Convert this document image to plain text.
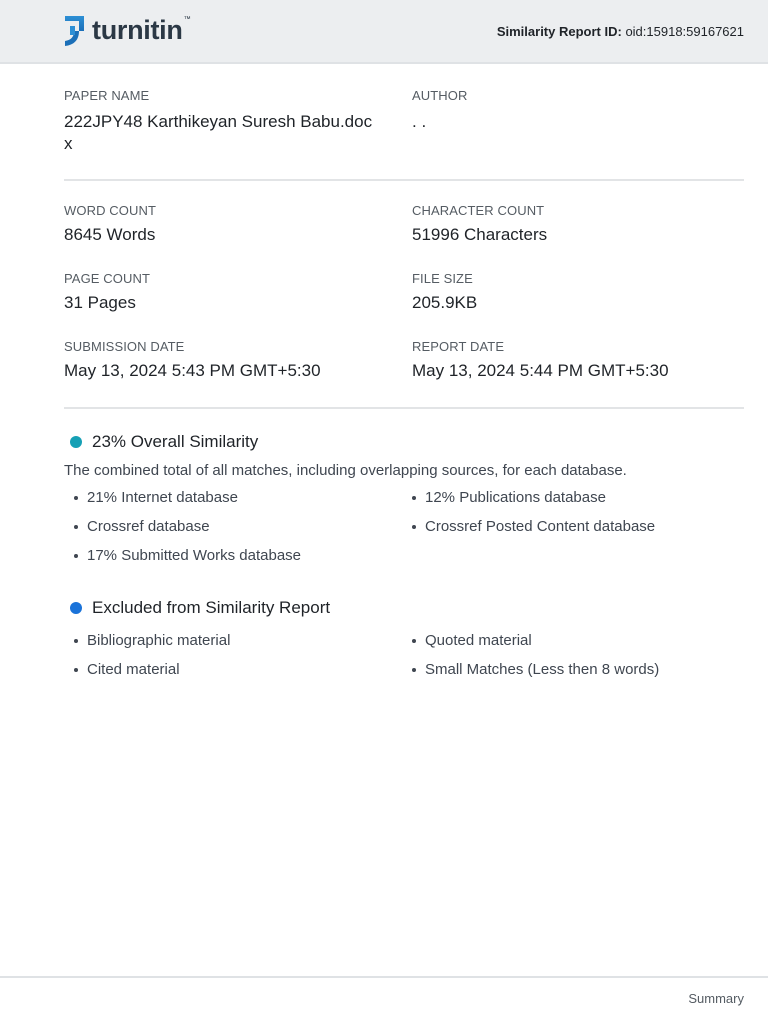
turnitin ™
Similarity Report ID: oid:15918:59167621
PAPER NAME
222JPY48 Karthikeyan Suresh Babu.doc
x
AUTHOR
. .
WORD COUNT
8645 Words
CHARACTER COUNT
51996 Characters
PAGE COUNT
31 Pages
FILE SIZE
205.9KB
SUBMISSION DATE
May 13, 2024 5:43 PM GMT+5:30
REPORT DATE
May 13, 2024 5:44 PM GMT+5:30
23% Overall Similarity
The combined total of all matches, including overlapping sources, for each database.
21% Internet database	12% Publications database
Crossref database	Crossref Posted Content database
17% Submitted Works database
Excluded from Similarity Report
Bibliographic material	Quoted material
Cited material	Small Matches (Less then 8 words)
Summary
